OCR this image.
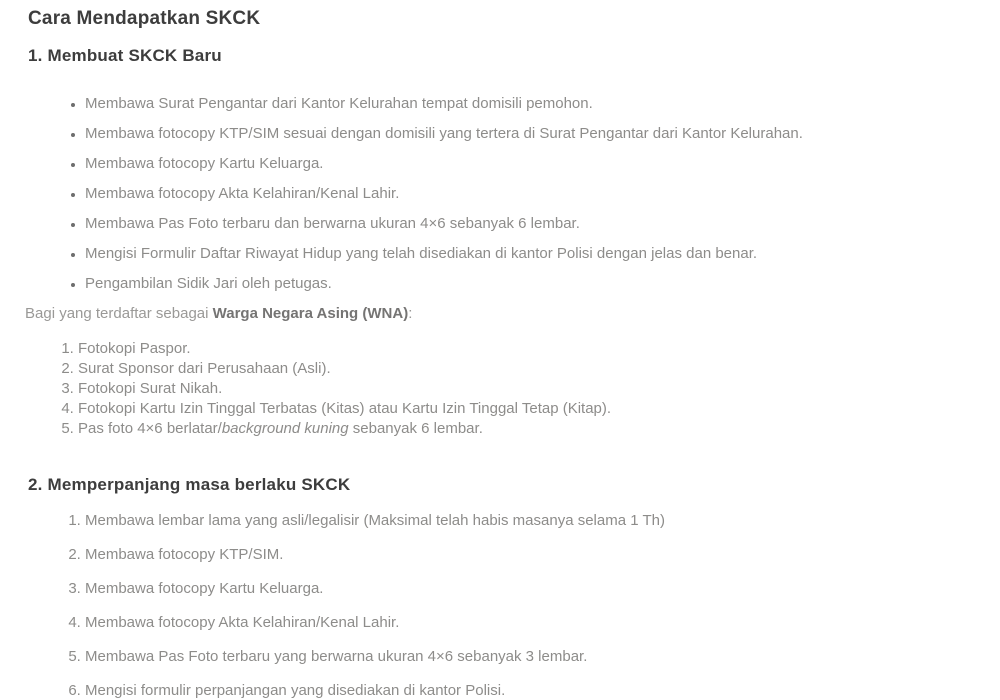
Cara Mendapatkan SKCK
1. Membuat SKCK Baru
• Membawa Surat Pengantar dari Kantor Kelurahan tempat domisili pemohon.
• Membawa fotocopy KTP/SIM sesuai dengan domisili yang tertera di Surat Pengantar dari Kantor Kelurahan.
• Membawa fotocopy Kartu Keluarga.
• Membawa fotocopy Akta Kelahiran/Kenal Lahir.
• Membawa Pas Foto terbaru dan berwarna ukuran 4×6 sebanyak 6 lembar.
• Mengisi Formulir Daftar Riwayat Hidup yang telah disediakan di kantor Polisi dengan jelas dan benar.
• Pengambilan Sidik Jari oleh petugas.

Bagi yang terdaftar sebagai Warga Negara Asing (WNA):

1. Fotokopi Paspor.
2. Surat Sponsor dari Perusahaan (Asli).
3. Fotokopi Surat Nikah.
4. Fotokopi Kartu Izin Tinggal Terbatas (Kitas) atau Kartu Izin Tinggal Tetap (Kitap).
5. Pas foto 4×6 berlatar/background kuning sebanyak 6 lembar.
2. Memperpanjang masa berlaku SKCK
1. Membawa lembar lama yang asli/legalisir (Maksimal telah habis masanya selama 1 Th)
2. Membawa fotocopy KTP/SIM.
3. Membawa fotocopy Kartu Keluarga.
4. Membawa fotocopy Akta Kelahiran/Kenal Lahir.
5. Membawa Pas Foto terbaru yang berwarna ukuran 4×6 sebanyak 3 lembar.
6. Mengisi formulir perpanjangan yang disediakan di kantor Polisi.
